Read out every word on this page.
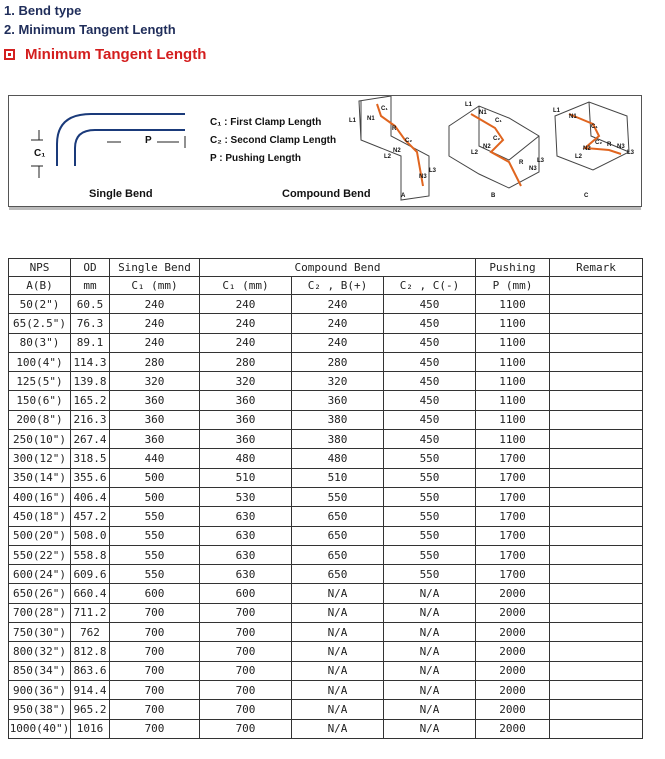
1. Bend type
2. Minimum Tangent Length
Minimum Tangent Length
P
C₁
Single Bend	Compound Bend
C₁ : First Clamp Length
C₂ : Second Clamp Length
P : Pushing Length
A	B	C
L1 N1
R
C₁
C₂
N2
L2
L3
N3
L1
N1
C₁
C₂
N2
L2
R
N3
L3
L1
N1
C₁
C₂
N2
L2
R N3
L3
NPS	OD	Single Bend	Compound Bend			Pushing	Remark
A(B)	mm	C₁ (mm)	C₁ (mm)	C₂ , B(+)	C₂ , C(-)	P (mm)	
50(2")	60.5	240	240	240	450	1100	
65(2.5")	76.3	240	240	240	450	1100	
80(3")	89.1	240	240	240	450	1100	
100(4")	114.3	280	280	280	450	1100	
125(5")	139.8	320	320	320	450	1100	
150(6")	165.2	360	360	360	450	1100	
200(8")	216.3	360	360	380	450	1100	
250(10")	267.4	360	360	380	450	1100	
300(12")	318.5	440	480	480	550	1700	
350(14")	355.6	500	510	510	550	1700	
400(16")	406.4	500	530	550	550	1700	
450(18")	457.2	550	630	650	550	1700	
500(20")	508.0	550	630	650	550	1700	
550(22")	558.8	550	630	650	550	1700	
600(24")	609.6	550	630	650	550	1700	
650(26")	660.4	600	600	N/A	N/A	2000	
700(28")	711.2	700	700	N/A	N/A	2000	
750(30")	762	700	700	N/A	N/A	2000	
800(32")	812.8	700	700	N/A	N/A	2000	
850(34")	863.6	700	700	N/A	N/A	2000	
900(36")	914.4	700	700	N/A	N/A	2000	
950(38")	965.2	700	700	N/A	N/A	2000	
1000(40")	1016	700	700	N/A	N/A	2000	
